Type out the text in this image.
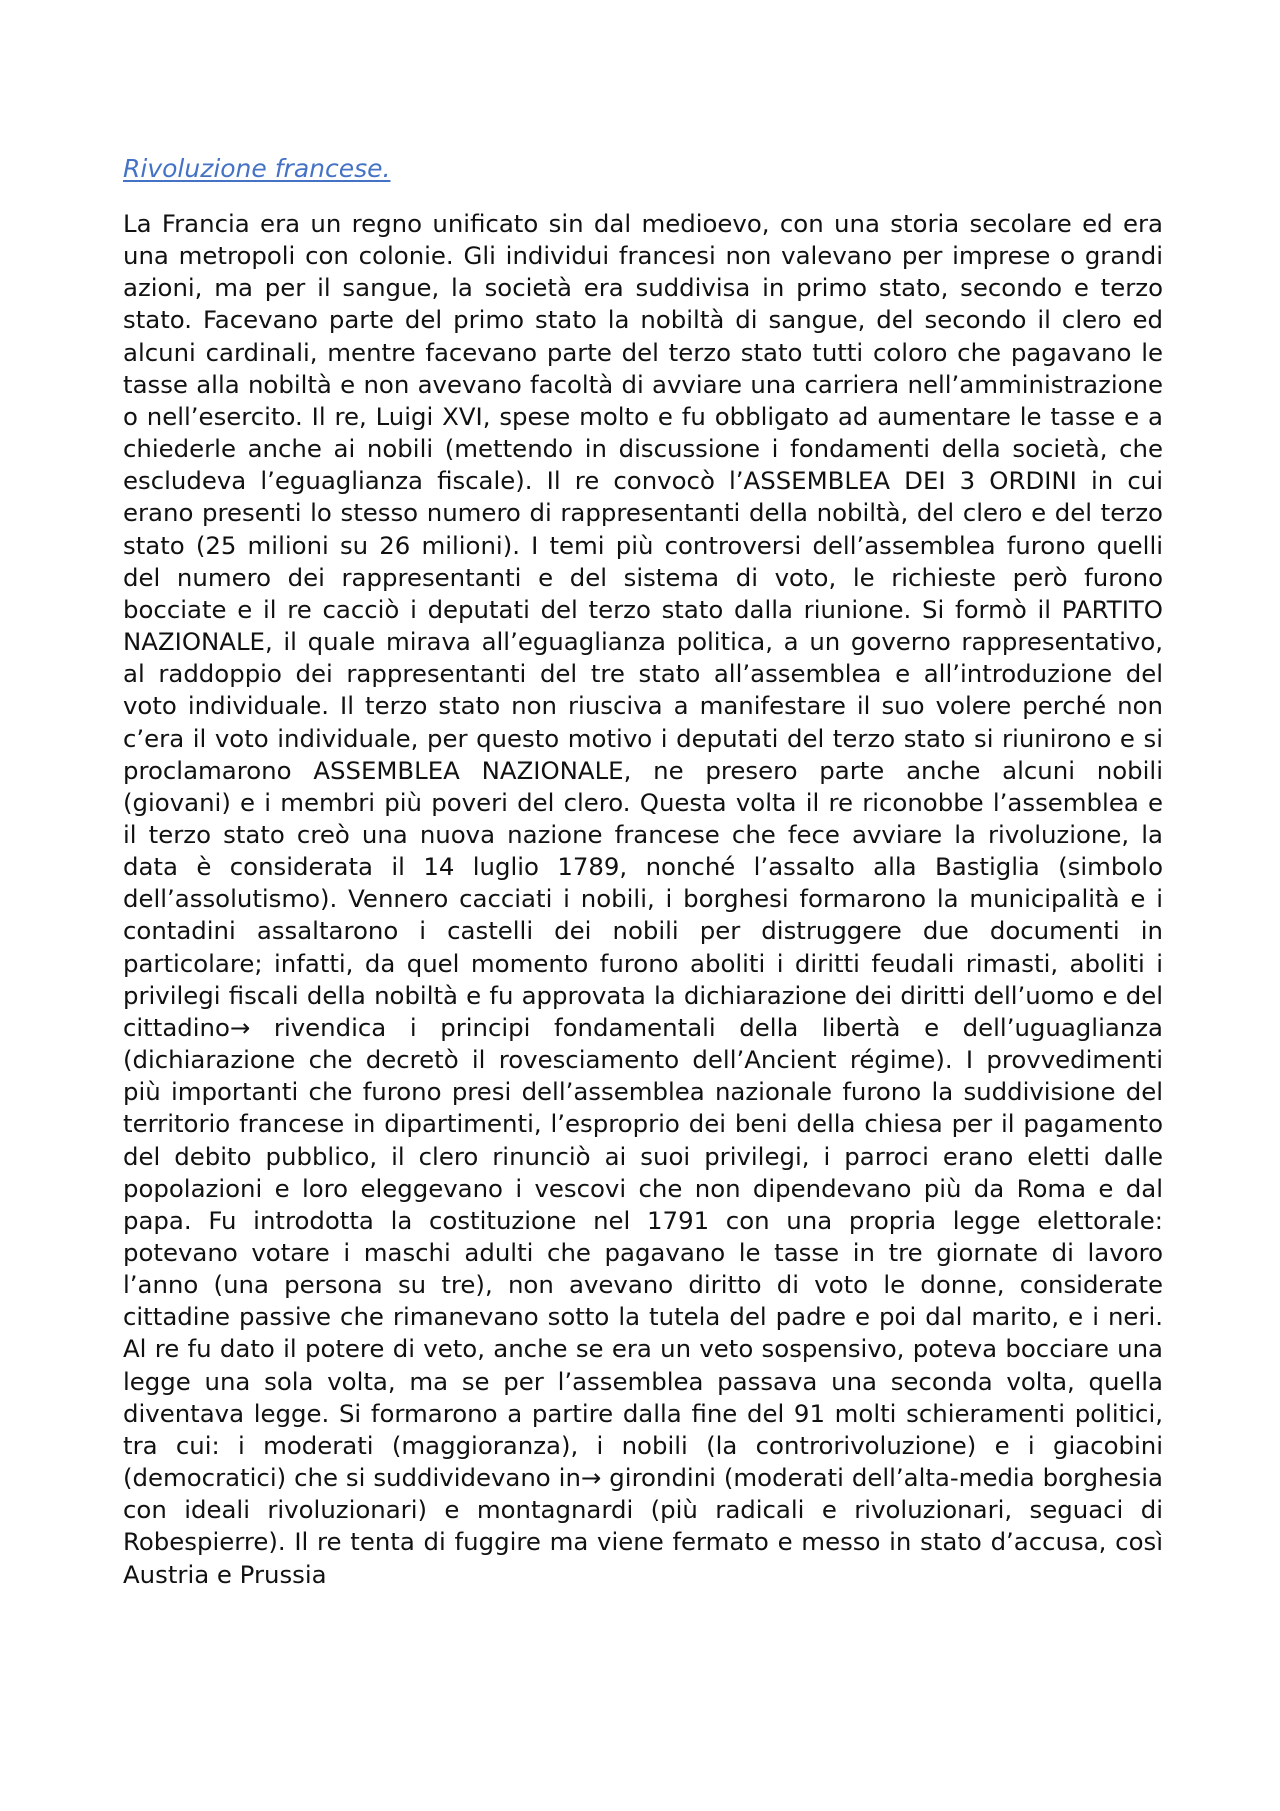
Rivoluzione francese.

La Francia era un regno unificato sin dal medioevo, con una storia secolare ed era una metropoli con colonie. Gli individui francesi non valevano per imprese o grandi azioni, ma per il sangue, la società era suddivisa in primo stato, secondo e terzo stato. Facevano parte del primo stato la nobiltà di sangue, del secondo il clero ed alcuni cardinali, mentre facevano parte del terzo stato tutti coloro che pagavano le tasse alla nobiltà e non avevano facoltà di avviare una carriera nell’amministrazione o nell’esercito. Il re, Luigi XVI, spese molto e fu obbligato ad aumentare le tasse e a chiederle anche ai nobili (mettendo in discussione i fondamenti della società, che escludeva l’eguaglianza fiscale). Il re convocò l’ASSEMBLEA DEI 3 ORDINI in cui erano presenti lo stesso numero di rappresentanti della nobiltà, del clero e del terzo stato (25 milioni su 26 milioni). I temi più controversi dell’assemblea furono quelli del numero dei rappresentanti e del sistema di voto, le richieste però furono bocciate e il re cacciò i deputati del terzo stato dalla riunione. Si formò il PARTITO NAZIONALE, il quale mirava all’eguaglianza politica, a un governo rappresentativo, al raddoppio dei rappresentanti del tre stato all’assemblea e all’introduzione del voto individuale. Il terzo stato non riusciva a manifestare il suo volere perché non c’era il voto individuale, per questo motivo i deputati del terzo stato si riunirono e si proclamarono ASSEMBLEA NAZIONALE, ne presero parte anche alcuni nobili (giovani) e i membri più poveri del clero. Questa volta il re riconobbe l’assemblea e il terzo stato creò una nuova nazione francese che fece avviare la rivoluzione, la data è considerata il 14 luglio 1789, nonché l’assalto alla Bastiglia (simbolo dell’assolutismo). Vennero cacciati i nobili, i borghesi formarono la municipalità e i contadini assaltarono i castelli dei nobili per distruggere due documenti in particolare; infatti, da quel momento furono aboliti i diritti feudali rimasti, aboliti i privilegi fiscali della nobiltà e fu approvata la dichiarazione dei diritti dell’uomo e del cittadino→ rivendica i principi fondamentali della libertà e dell’uguaglianza (dichiarazione che decretò il rovesciamento dell’Ancient régime). I provvedimenti più importanti che furono presi dell’assemblea nazionale furono la suddivisione del territorio francese in dipartimenti, l’esproprio dei beni della chiesa per il pagamento del debito pubblico, il clero rinunciò ai suoi privilegi, i parroci erano eletti dalle popolazioni e loro eleggevano i vescovi che non dipendevano più da Roma e dal papa. Fu introdotta la costituzione nel 1791 con una propria legge elettorale: potevano votare i maschi adulti che pagavano le tasse in tre giornate di lavoro l’anno (una persona su tre), non avevano diritto di voto le donne, considerate cittadine passive che rimanevano sotto la tutela del padre e poi dal marito, e i neri. Al re fu dato il potere di veto, anche se era un veto sospensivo, poteva bocciare una legge una sola volta, ma se per l’assemblea passava una seconda volta, quella diventava legge. Si formarono a partire dalla fine del 91 molti schieramenti politici, tra cui: i moderati (maggioranza), i nobili (la controrivoluzione) e i giacobini (democratici) che si suddividevano in→ girondini (moderati dell’alta-media borghesia con ideali rivoluzionari) e montagnardi (più radicali e rivoluzionari, seguaci di Robespierre). Il re tenta di fuggire ma viene fermato e messo in stato d’accusa, così Austria e Prussia
